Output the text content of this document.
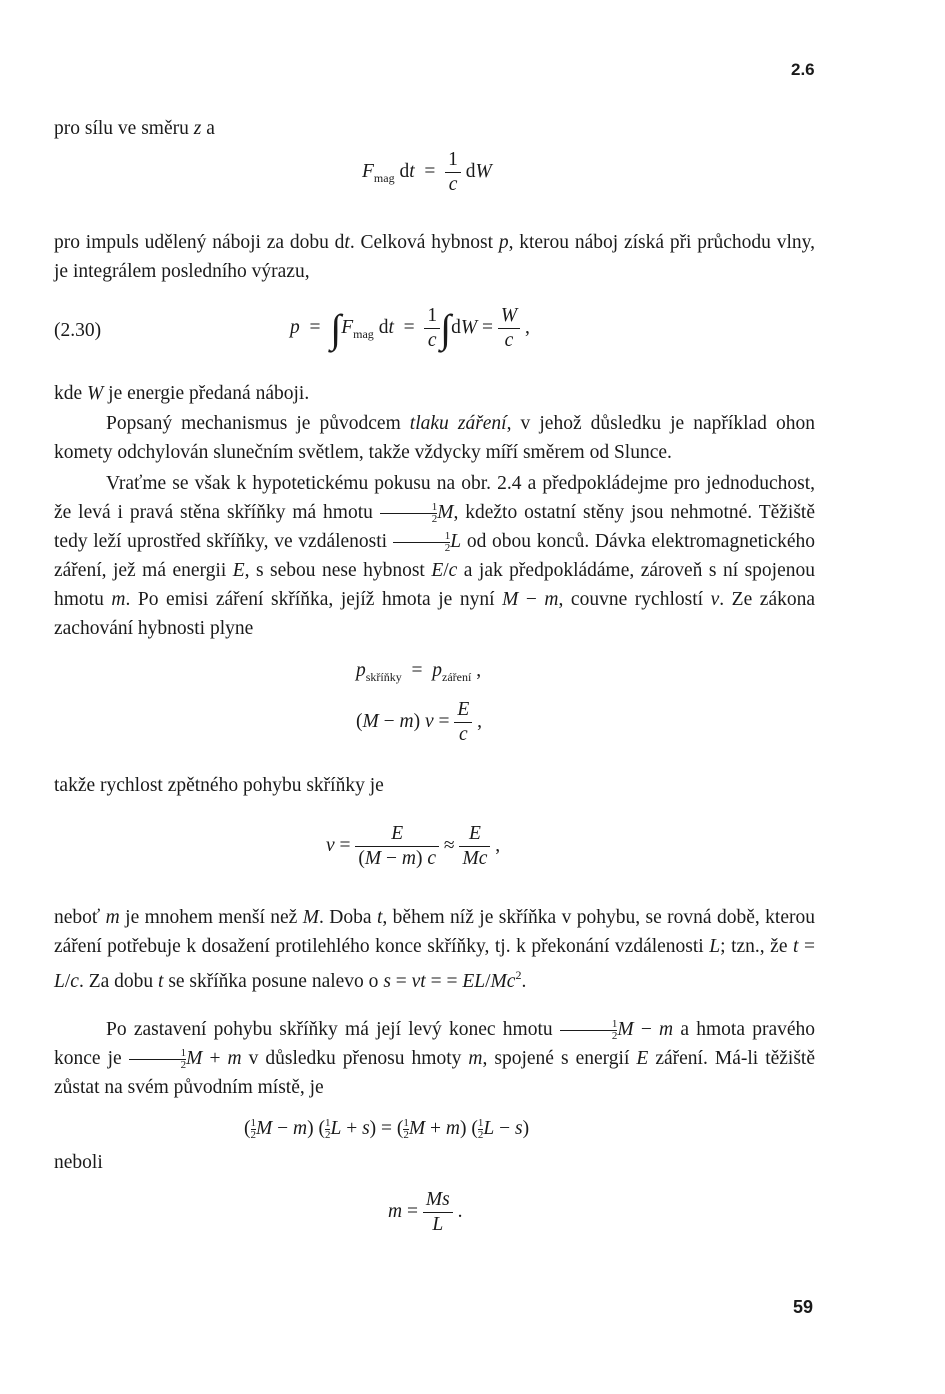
2.6
pro sílu ve směru z a
$F_{mag}$ dt  = $\frac{1}{c}$ dW
pro impuls udělený náboji za dobu dt. Celková hybnost p, kterou náboj získá při průchodu vlny, je integrálem posledního výrazu,
(2.30)	$p = \int F_{mag}$ dt  = $\frac{1}{c} \int dW = \frac{W}{c}$ ,
kde W je energie předaná náboji.
Popsaný mechanismus je původcem tlaku záření, v jehož důsledku je například ohon komety odchylován slunečním světlem, takže vždycky míří směrem od Slunce.
Vraťme se však k hypotetickému pokusu na obr. 2.4 a předpokládejme pro jednoduchost, že levá i pravá stěna skříňky má hmotu $\frac{1}{2} M$, kdežto ostatní stěny jsou nehmotné. Těžiště tedy leží uprostřed skříňky, ve vzdálenosti $\frac{1}{2}$ L od obou konců. Dávka elektromagnetického záření, jež má energii E, s sebou nese hybnost E/c a jak předpokládáme, zároveň s ní spojenou hmotu m. Po emisi záření skříňka, jejíž hmota je nyní M − m, couvne rychlostí v. Ze zákona zachování hybnosti plyne
$p_{skříňky} = p_{záření}$ ,
(M − m) $v = \frac{E}{c}$ ,
takže rychlost zpětného pohybu skříňky je
$v = \frac{E}{(M - m) c} \approx \frac{E}{Mc}$ ,
neboť m je mnohem menší než M. Doba t, během níž je skříňka v pohybu, se rovná době, kterou záření potřebuje k dosažení protilehlého konce skříňky, tj. k překonání vzdálenosti L; tzn., že t = L/c. Za dobu t se skříňka posune nalevo o s = vt = = $EL/Mc^2$.
Po zastavení pohybu skříňky má její levý konec hmotu $\frac{1}{2}$ M − m a hmota pravého konce je $\frac{1}{2}$ M + m v důsledku přenosu hmoty m, spojené s energií E záření. Má-li těžiště zůstat na svém původním místě, je
( $\frac{1}{2}$ M − m) ( $\frac{1}{2}$ L + s) = ( $\frac{1}{2}$ M + m) ( $\frac{1}{2}$ L − s)
neboli
$m = \frac{Ms}{L}$ .
59
